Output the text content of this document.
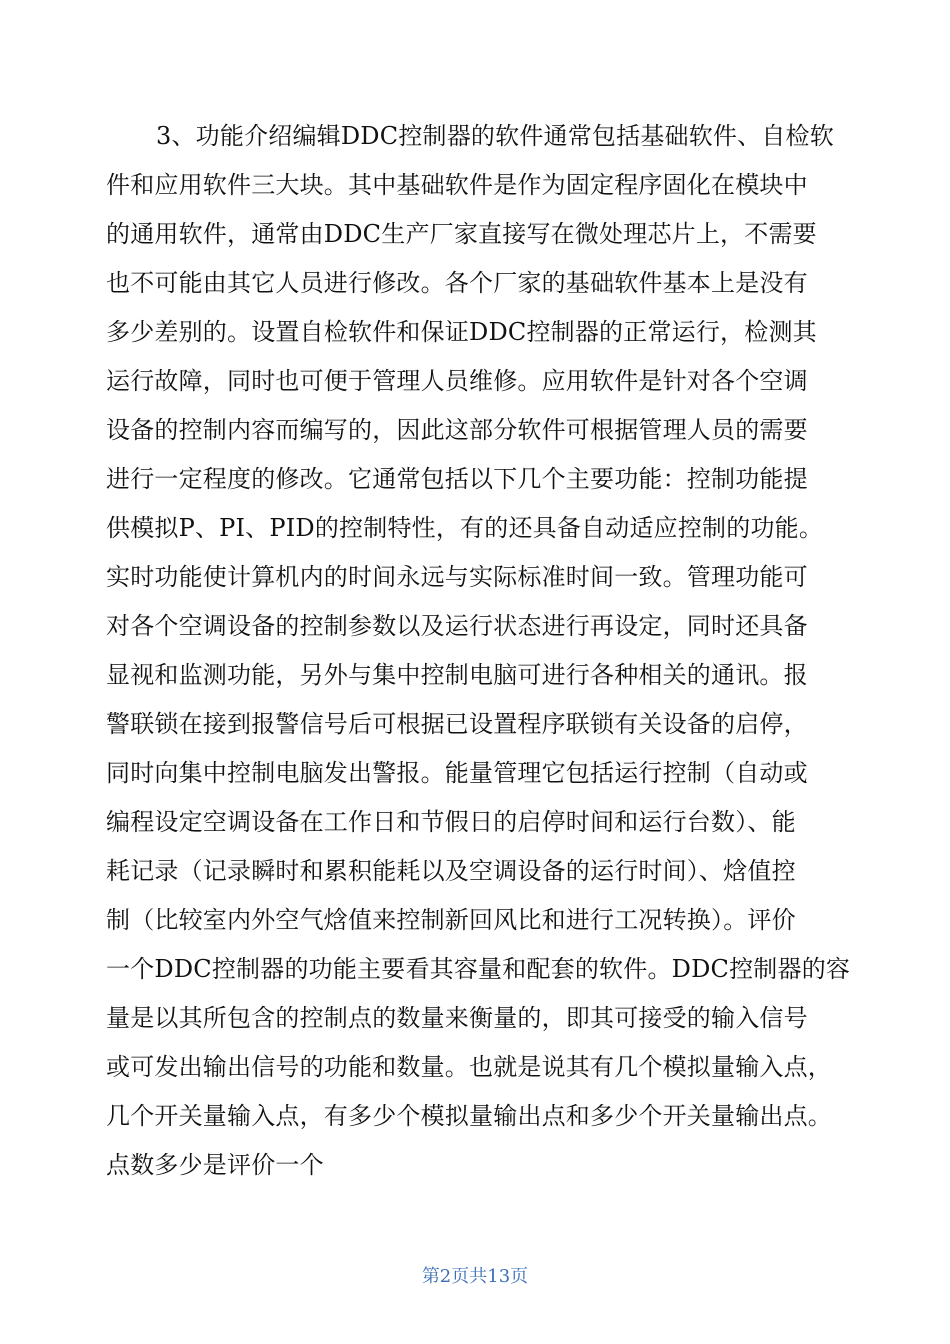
3、功能介绍编辑DDC控制器的软件通常包括基础软件、自检软
件和应用软件三大块。其中基础软件是作为固定程序固化在模块中
的通用软件，通常由DDC生产厂家直接写在微处理芯片上，不需要
也不可能由其它人员进行修改。各个厂家的基础软件基本上是没有
多少差别的。设置自检软件和保证DDC控制器的正常运行，检测其
运行故障，同时也可便于管理人员维修。应用软件是针对各个空调
设备的控制内容而编写的，因此这部分软件可根据管理人员的需要
进行一定程度的修改。它通常包括以下几个主要功能：控制功能提
供模拟P、PI、PID的控制特性，有的还具备自动适应控制的功能。
实时功能使计算机内的时间永远与实际标准时间一致。管理功能可
对各个空调设备的控制参数以及运行状态进行再设定，同时还具备
显视和监测功能，另外与集中控制电脑可进行各种相关的通讯。报
警联锁在接到报警信号后可根据已设置程序联锁有关设备的启停，
同时向集中控制电脑发出警报。能量管理它包括运行控制（自动或
编程设定空调设备在工作日和节假日的启停时间和运行台数）、能
耗记录（记录瞬时和累积能耗以及空调设备的运行时间）、焓值控
制（比较室内外空气焓值来控制新回风比和进行工况转换）。评价
一个DDC控制器的功能主要看其容量和配套的软件。DDC控制器的容
量是以其所包含的控制点的数量来衡量的，即其可接受的输入信号
或可发出输出信号的功能和数量。也就是说其有几个模拟量输入点，
几个开关量输入点，有多少个模拟量输出点和多少个开关量输出点。
点数多少是评价一个
第2页共13页
